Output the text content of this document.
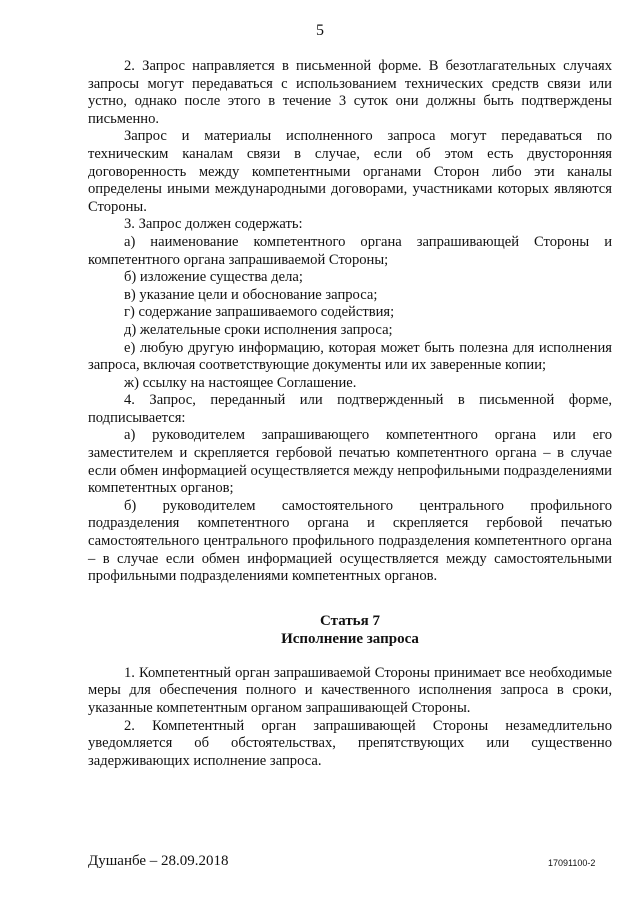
5

2. Запрос направляется в письменной форме. В безотлагательных случаях запросы могут передаваться с использованием технических средств связи или устно, однако после этого в течение 3 суток они должны быть подтверждены письменно.

Запрос и материалы исполненного запроса могут передаваться по техническим каналам связи в случае, если об этом есть двусторонняя договоренность между компетентными органами Сторон либо эти каналы определены иными международными договорами, участниками которых являются Стороны.

3. Запрос должен содержать:

а) наименование компетентного органа запрашивающей Стороны и компетентного органа запрашиваемой Стороны;

б) изложение существа дела;

в) указание цели и обоснование запроса;

г) содержание запрашиваемого содействия;

д) желательные сроки исполнения запроса;

е) любую другую информацию, которая может быть полезна для исполнения запроса, включая соответствующие документы или их заверенные копии;

ж) ссылку на настоящее Соглашение.

4. Запрос, переданный или подтвержденный в письменной форме, подписывается:

а) руководителем запрашивающего компетентного органа или его заместителем и скрепляется гербовой печатью компетентного органа – в случае если обмен информацией осуществляется между непрофильными подразделениями компетентных органов;

б) руководителем самостоятельного центрального профильного подразделения компетентного органа и скрепляется гербовой печатью самостоятельного центрального профильного подразделения компетентного органа – в случае если обмен информацией осуществляется между самостоятельными профильными подразделениями компетентных органов.

Статья 7
Исполнение запроса

1. Компетентный орган запрашиваемой Стороны принимает все необходимые меры для обеспечения полного и качественного исполнения запроса в сроки, указанные компетентным органом запрашивающей Стороны.

2. Компетентный орган запрашивающей Стороны незамедлительно уведомляется об обстоятельствах, препятствующих или существенно задерживающих исполнение запроса.

Душанбе – 28.09.2018	17091100-2
